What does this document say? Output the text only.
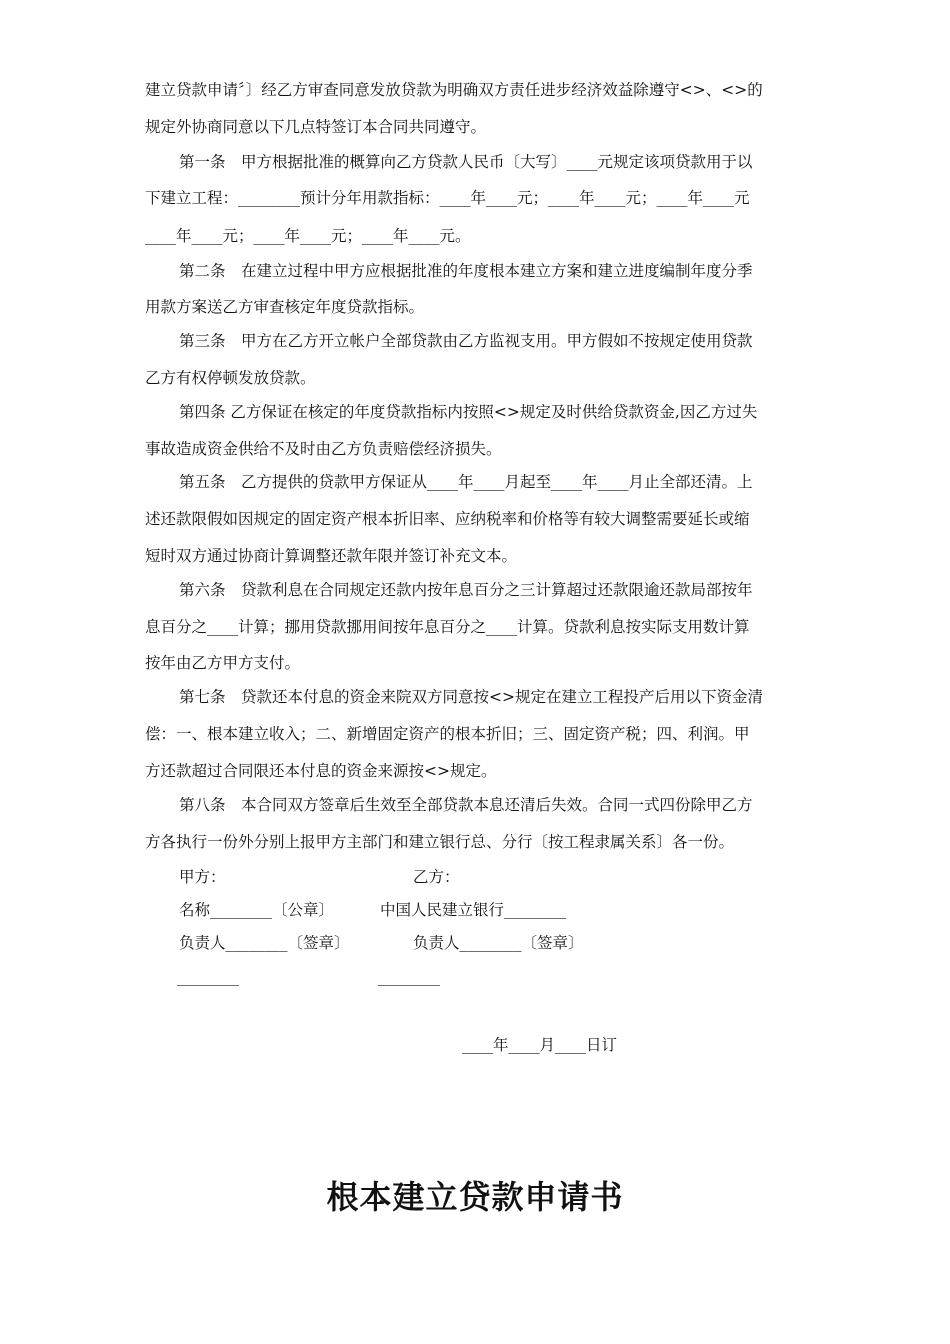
建立贷款申请〞〕经乙方审查同意发放贷款为明确双方责任进步经济效益除遵守<>、<>的
规定外协商同意以下几点特签订本合同共同遵守。
第一条　甲方根据批准的概算向乙方贷款人民币〔大写〕____元规定该项贷款用于以
下建立工程：________预计分年用款指标：____年____元；____年____元；____年____元
____年____元；____年____元；____年____元。
第二条　在建立过程中甲方应根据批准的年度根本建立方案和建立进度编制年度分季
用款方案送乙方审查核定年度贷款指标。
第三条　甲方在乙方开立帐户全部贷款由乙方监视支用。甲方假如不按规定使用贷款
乙方有权停顿发放贷款。
第四条 乙方保证在核定的年度贷款指标内按照<>规定及时供给贷款资金,因乙方过失
事故造成资金供给不及时由乙方负责赔偿经济损失。
第五条　乙方提供的贷款甲方保证从____年____月起至____年____月止全部还清。上
述还款限假如因规定的固定资产根本折旧率、应纳税率和价格等有较大调整需要延长或缩
短时双方通过协商计算调整还款年限并签订补充文本。
第六条　贷款利息在合同规定还款内按年息百分之三计算超过还款限逾还款局部按年
息百分之____计算；挪用贷款挪用间按年息百分之____计算。贷款利息按实际支用数计算
按年由乙方甲方支付。
第七条　贷款还本付息的资金来院双方同意按<>规定在建立工程投产后用以下资金清
偿：一、根本建立收入；二、新增固定资产的根本折旧；三、固定资产税；四、利润。甲
方还款超过合同限还本付息的资金来源按<>规定。
第八条　本合同双方签章后生效至全部贷款本息还清后失效。合同一式四份除甲乙方
方各执行一份外分别上报甲方主部门和建立银行总、分行〔按工程隶属关系〕各一份。
甲方：	乙方：
名称________〔公章〕	中国人民建立银行________
负责人________〔签章〕	负责人________〔签章〕
________	________
____年____月____日订
根本建立贷款申请书
